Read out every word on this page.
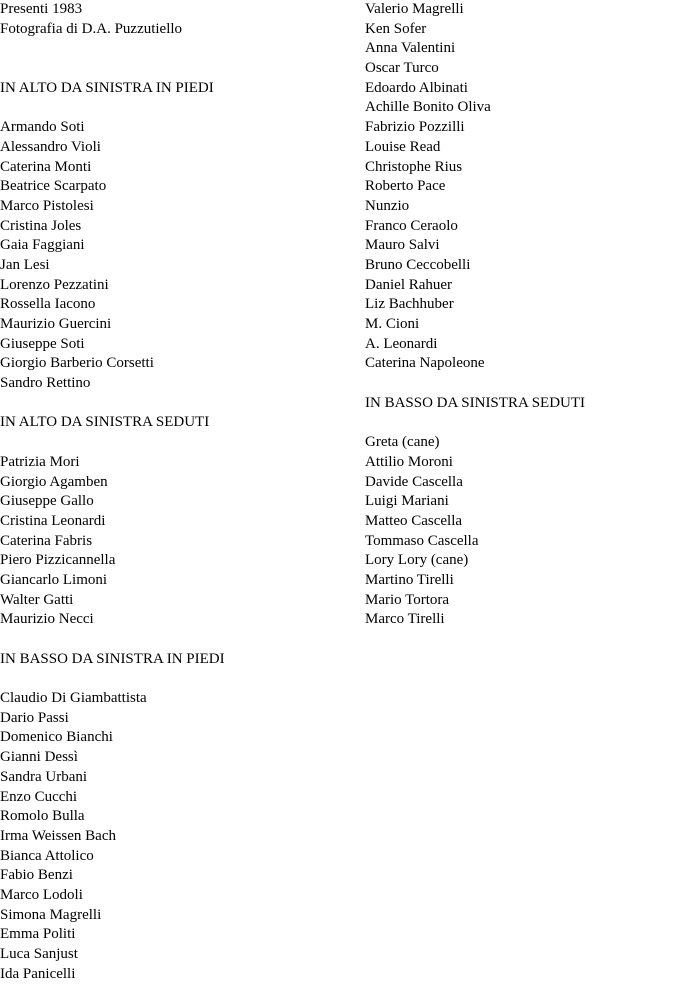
Presenti 1983
Fotografia di D.A. Puzzutiello
IN ALTO DA SINISTRA IN PIEDI
Armando Soti
Alessandro Violi
Caterina Monti
Beatrice Scarpato
Marco Pistolesi
Cristina Joles
Gaia Faggiani
Jan Lesi
Lorenzo Pezzatini
Rossella Iacono
Maurizio Guercini
Giuseppe Soti
Giorgio Barberio Corsetti
Sandro Rettino
IN ALTO DA SINISTRA SEDUTI
Patrizia Mori
Giorgio Agamben
Giuseppe Gallo
Cristina Leonardi
Caterina Fabris
Piero Pizzicannella
Giancarlo Limoni
Walter Gatti
Maurizio Necci
IN BASSO DA SINISTRA IN PIEDI
Claudio Di Giambattista
Dario Passi
Domenico Bianchi
Gianni Dessì
Sandra Urbani
Enzo Cucchi
Romolo Bulla
Irma Weissen Bach
Bianca Attolico
Fabio Benzi
Marco Lodoli
Simona Magrelli
Emma Politi
Luca Sanjust
Ida Panicelli
Valerio Magrelli
Ken Sofer
Anna Valentini
Oscar Turco
Edoardo Albinati
Achille Bonito Oliva
Fabrizio Pozzilli
Louise Read
Christophe Rius
Roberto Pace
Nunzio
Franco Ceraolo
Mauro Salvi
Bruno Ceccobelli
Daniel Rahuer
Liz Bachhuber
M. Cioni
A. Leonardi
Caterina Napoleone
IN BASSO DA SINISTRA SEDUTI
Greta (cane)
Attilio Moroni
Davide Cascella
Luigi Mariani
Matteo Cascella
Tommaso Cascella
Lory Lory (cane)
Martino Tirelli
Mario Tortora
Marco Tirelli
